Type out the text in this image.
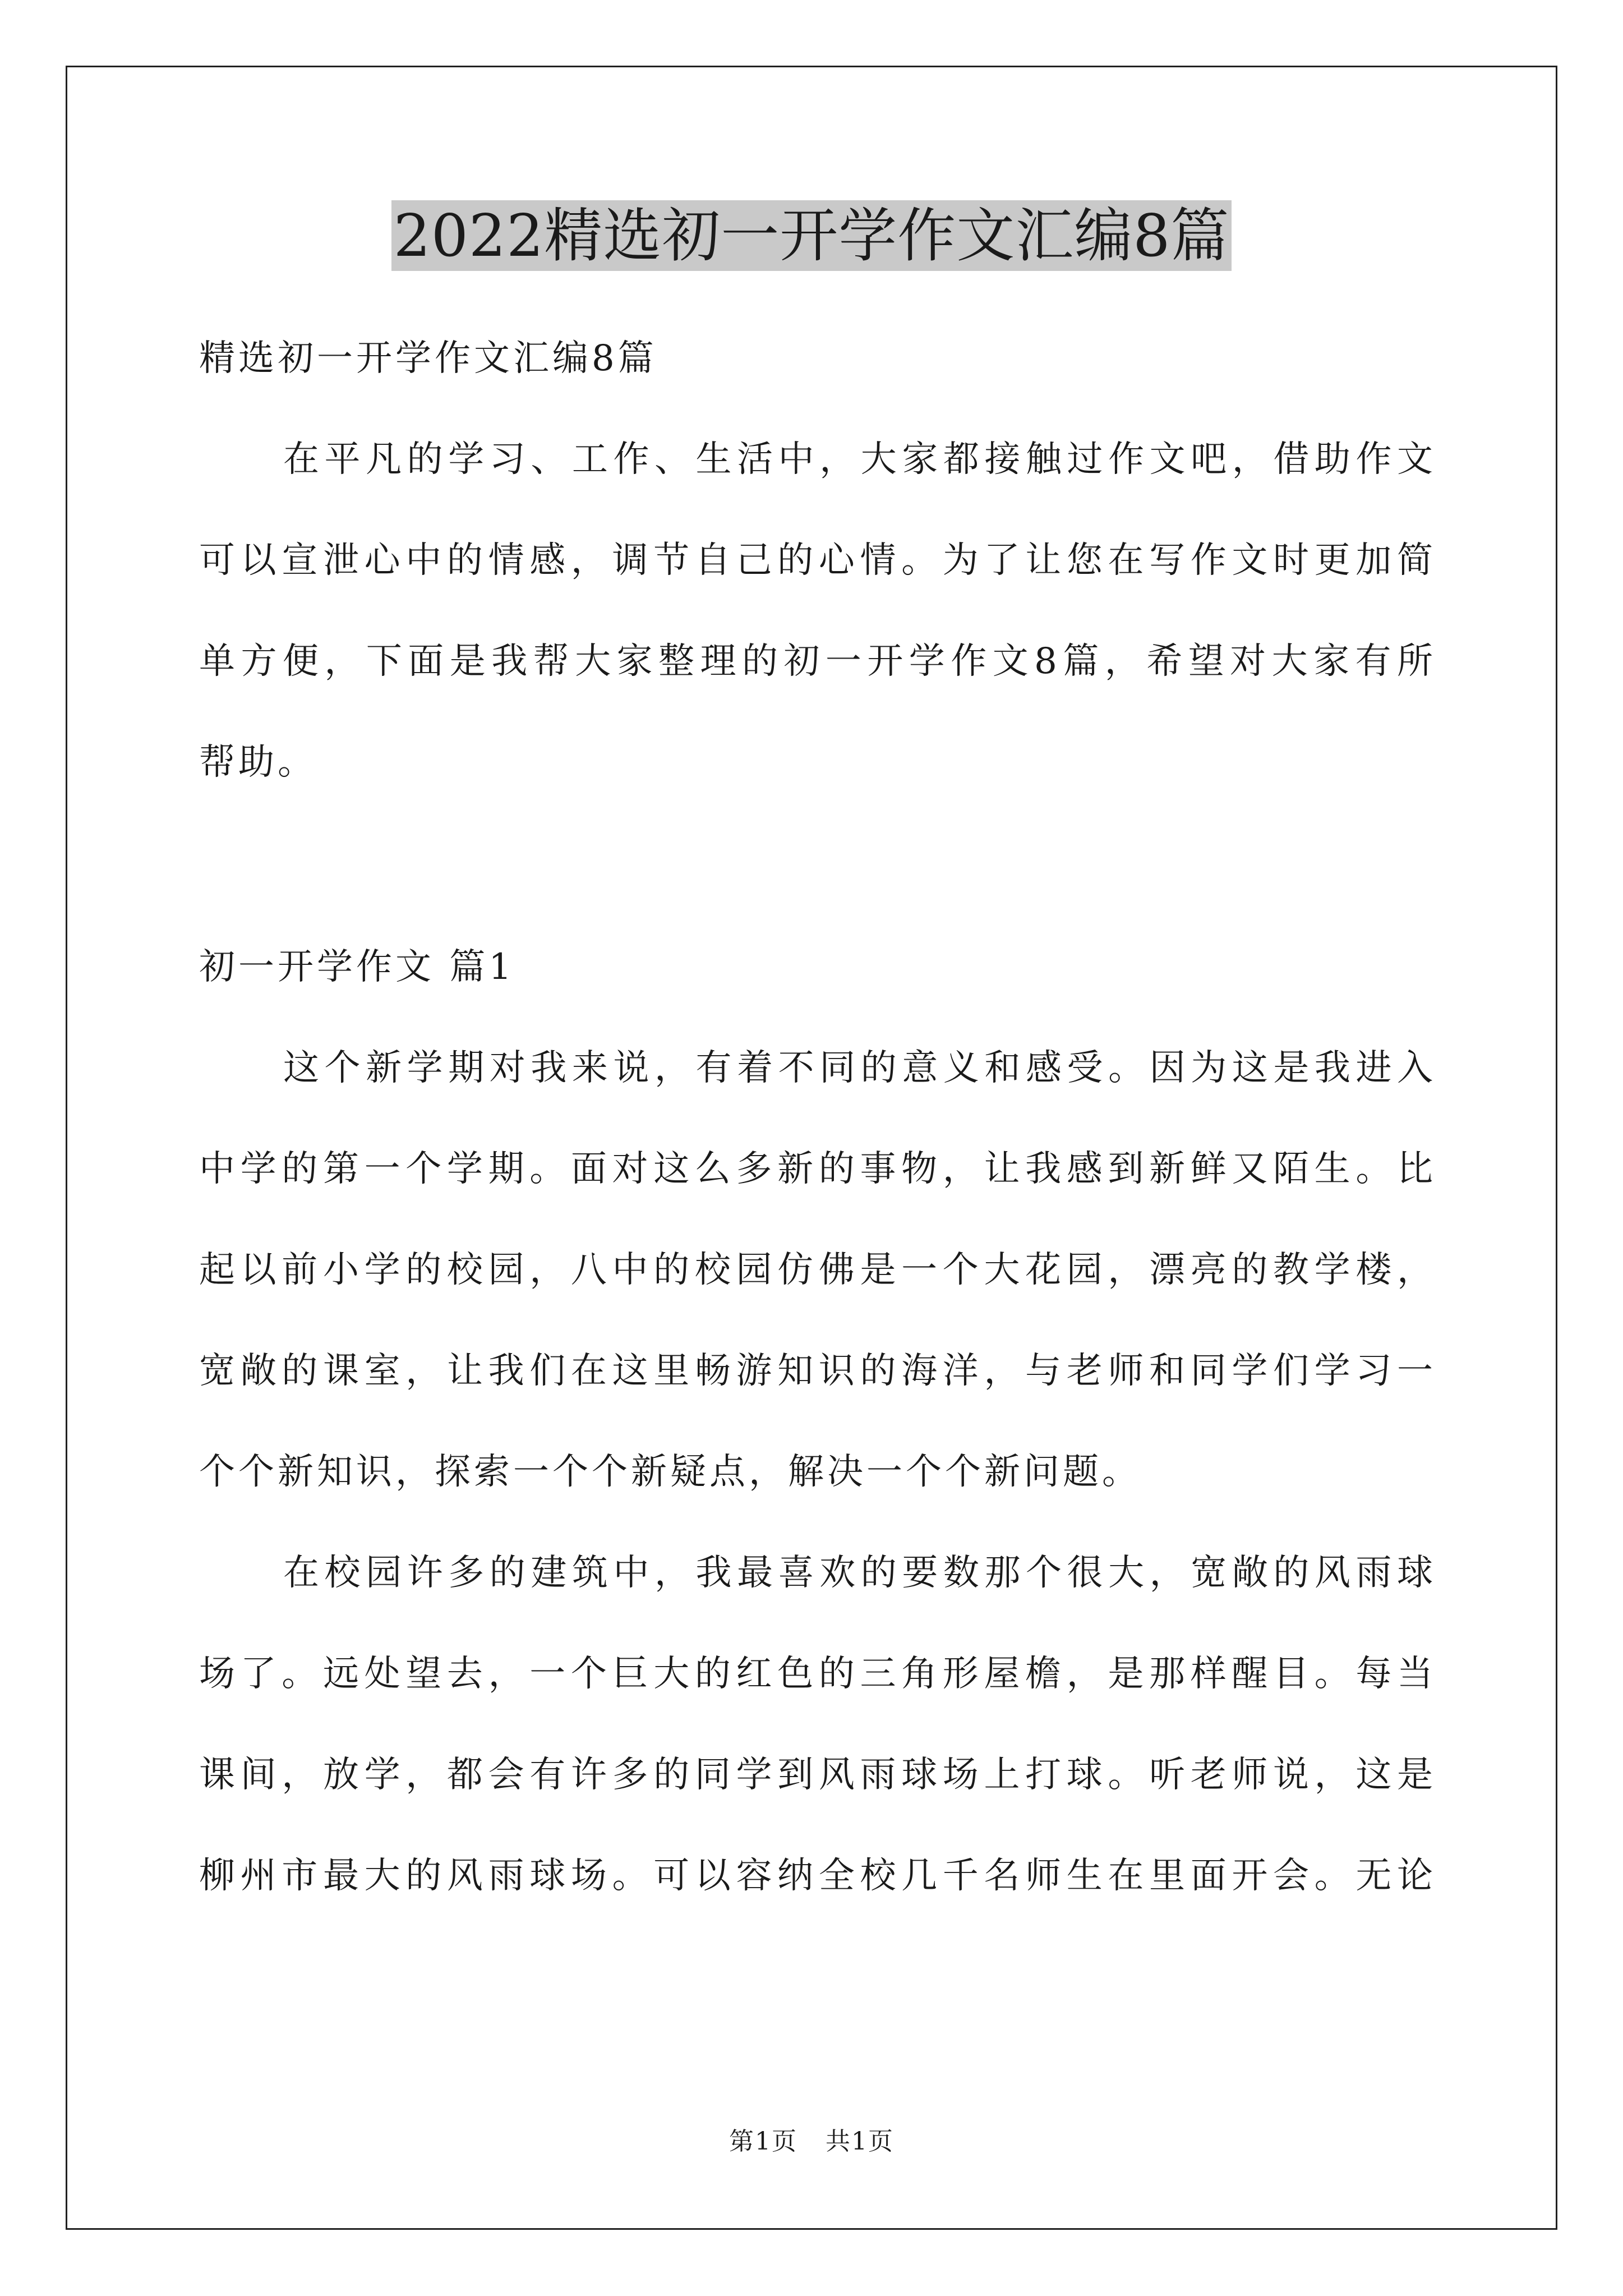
2022精选初一开学作文汇编8篇
精选初一开学作文汇编8篇
在平凡的学习、工作、生活中，大家都接触过作文吧，借助作文
可以宣泄心中的情感，调节自己的心情。为了让您在写作文时更加简
单方便，下面是我帮大家整理的初一开学作文8篇，希望对大家有所
帮助。
初一开学作文 篇1
这个新学期对我来说，有着不同的意义和感受。因为这是我进入
中学的第一个学期。面对这么多新的事物，让我感到新鲜又陌生。比
起以前小学的校园，八中的校园仿佛是一个大花园，漂亮的教学楼，
宽敞的课室，让我们在这里畅游知识的海洋，与老师和同学们学习一
个个新知识，探索一个个新疑点，解决一个个新问题。
在校园许多的建筑中，我最喜欢的要数那个很大，宽敞的风雨球
场了。远处望去，一个巨大的红色的三角形屋檐，是那样醒目。每当
课间，放学，都会有许多的同学到风雨球场上打球。听老师说，这是
柳州市最大的风雨球场。可以容纳全校几千名师生在里面开会。无论
第1页 共1页
